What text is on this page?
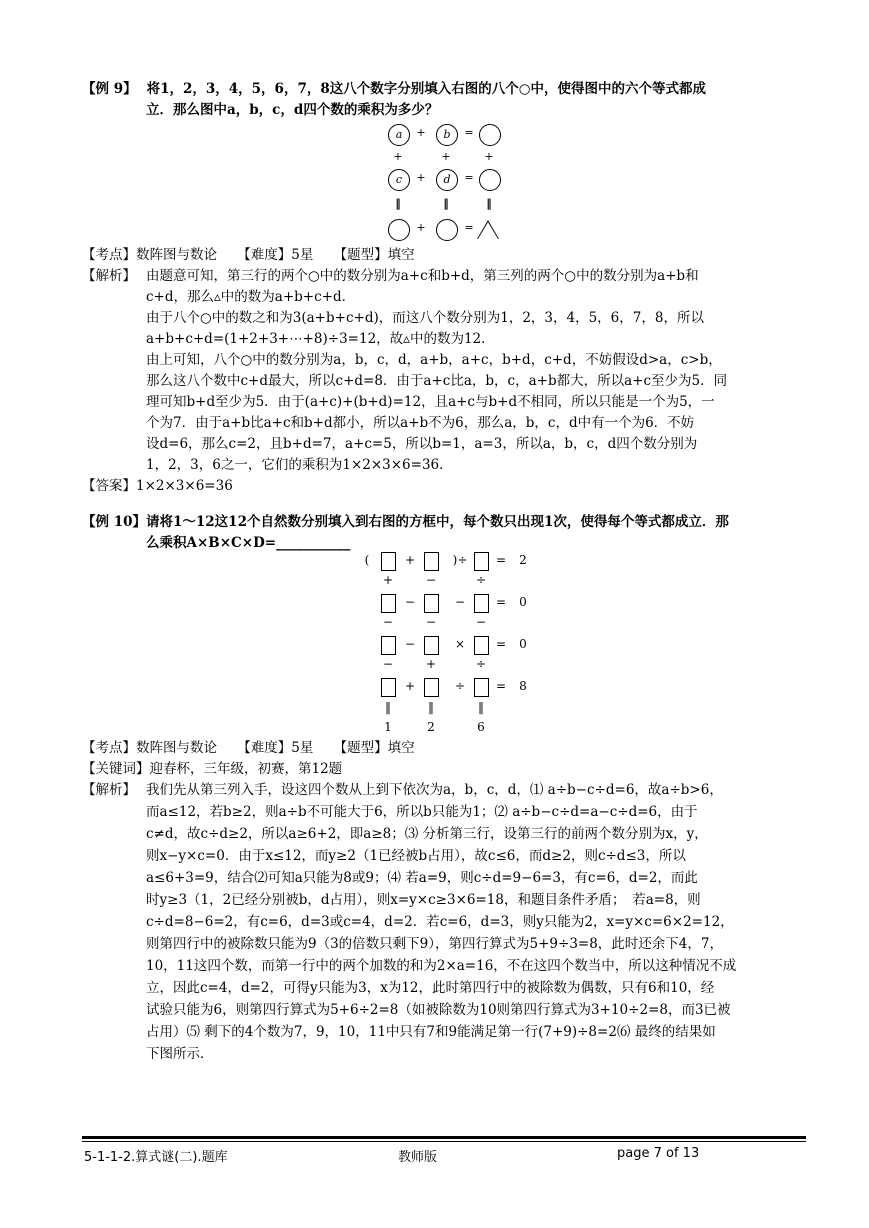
【例 9】 将1，2，3，4，5，6，7，8这八个数字分别填入右图的八个○中，使得图中的六个等式都成
立．那么图中a，b，c，d四个数的乘积为多少？
a	+	b	=
+	+	+
c	+	d	=
‖	‖	‖
+	=
【考点】数阵图与数论　　【难度】5星　　【题型】填空
【解析】 由题意可知，第三行的两个○中的数分别为a+c和b+d，第三列的两个○中的数分别为a+b和
c+d，那么▵中的数为a+b+c+d．
由于八个○中的数之和为3(a+b+c+d)，而这八个数分别为1，2，3，4，5，6，7，8，所以
a+b+c+d=(1+2+3+⋯+8)÷3=12，故▵中的数为12．
由上可知，八个○中的数分别为a，b，c，d，a+b，a+c，b+d，c+d，不妨假设d>a，c>b，
那么这八个数中c+d最大，所以c+d=8．由于a+c比a，b，c，a+b都大，所以a+c至少为5．同
理可知b+d至少为5．由于(a+c)+(b+d)=12，且a+c与b+d不相同，所以只能是一个为5，一
个为7．由于a+b比a+c和b+d都小，所以a+b不为6，那么a，b，c，d中有一个为6．不妨
设d=6，那么c=2，且b+d=7，a+c=5，所以b=1，a=3，所以a，b，c，d四个数分别为
1，2，3，6之一，它们的乘积为1×2×3×6=36．
【答案】1×2×3×6=36
【例 10】请将1～12这12个自然数分别填入到右图的方框中，每个数只出现1次，使得每个等式都成立．那
么乘积A×B×C×D=___________
(	+	)÷	= 2
+	−	÷
−	−	= 0
−	−	−
−	×	= 0
−	+	÷
+	÷	= 8
‖	‖	‖
1	2	6
【考点】数阵图与数论　　【难度】5星　　【题型】填空
【关键词】迎春杯，三年级，初赛，第12题
【解析】 我们先从第三列入手，设这四个数从上到下依次为a，b，c，d，⑴ a÷b−c÷d=6，故a÷b>6，
而a≤12，若b≥2，则a÷b不可能大于6，所以b只能为1；⑵ a÷b−c÷d=a−c÷d=6，由于
c≠d，故c÷d≥2，所以a≥6+2，即a≥8；⑶ 分析第三行，设第三行的前两个数分别为x，y，
则x−y×c=0．由于x≤12，而y≥2（1已经被b占用），故c≤6，而d≥2，则c÷d≤3，所以
a≤6+3=9，结合⑵可知a只能为8或9；⑷ 若a=9，则c÷d=9−6=3，有c=6，d=2，而此
时y≥3（1，2已经分别被b，d占用），则x=y×c≥3×6=18，和题目条件矛盾；　若a=8，则
c÷d=8−6=2，有c=6，d=3或c=4，d=2．若c=6，d=3，则y只能为2，x=y×c=6×2=12，
则第四行中的被除数只能为9（3的倍数只剩下9），第四行算式为5+9÷3=8，此时还余下4，7，
10，11这四个数，而第一行中的两个加数的和为2×a=16，不在这四个数当中，所以这种情况不成
立，因此c=4，d=2，可得y只能为3，x为12，此时第四行中的被除数为偶数，只有6和10，经
试验只能为6，则第四行算式为5+6÷2=8（如被除数为10则第四行算式为3+10÷2=8，而3已被
占用）⑸ 剩下的4个数为7，9，10，11中只有7和9能满足第一行(7+9)÷8=2⑹ 最终的结果如
下图所示．
5-1-1-2.算式谜(二).题库	教师版	page 7 of 13
